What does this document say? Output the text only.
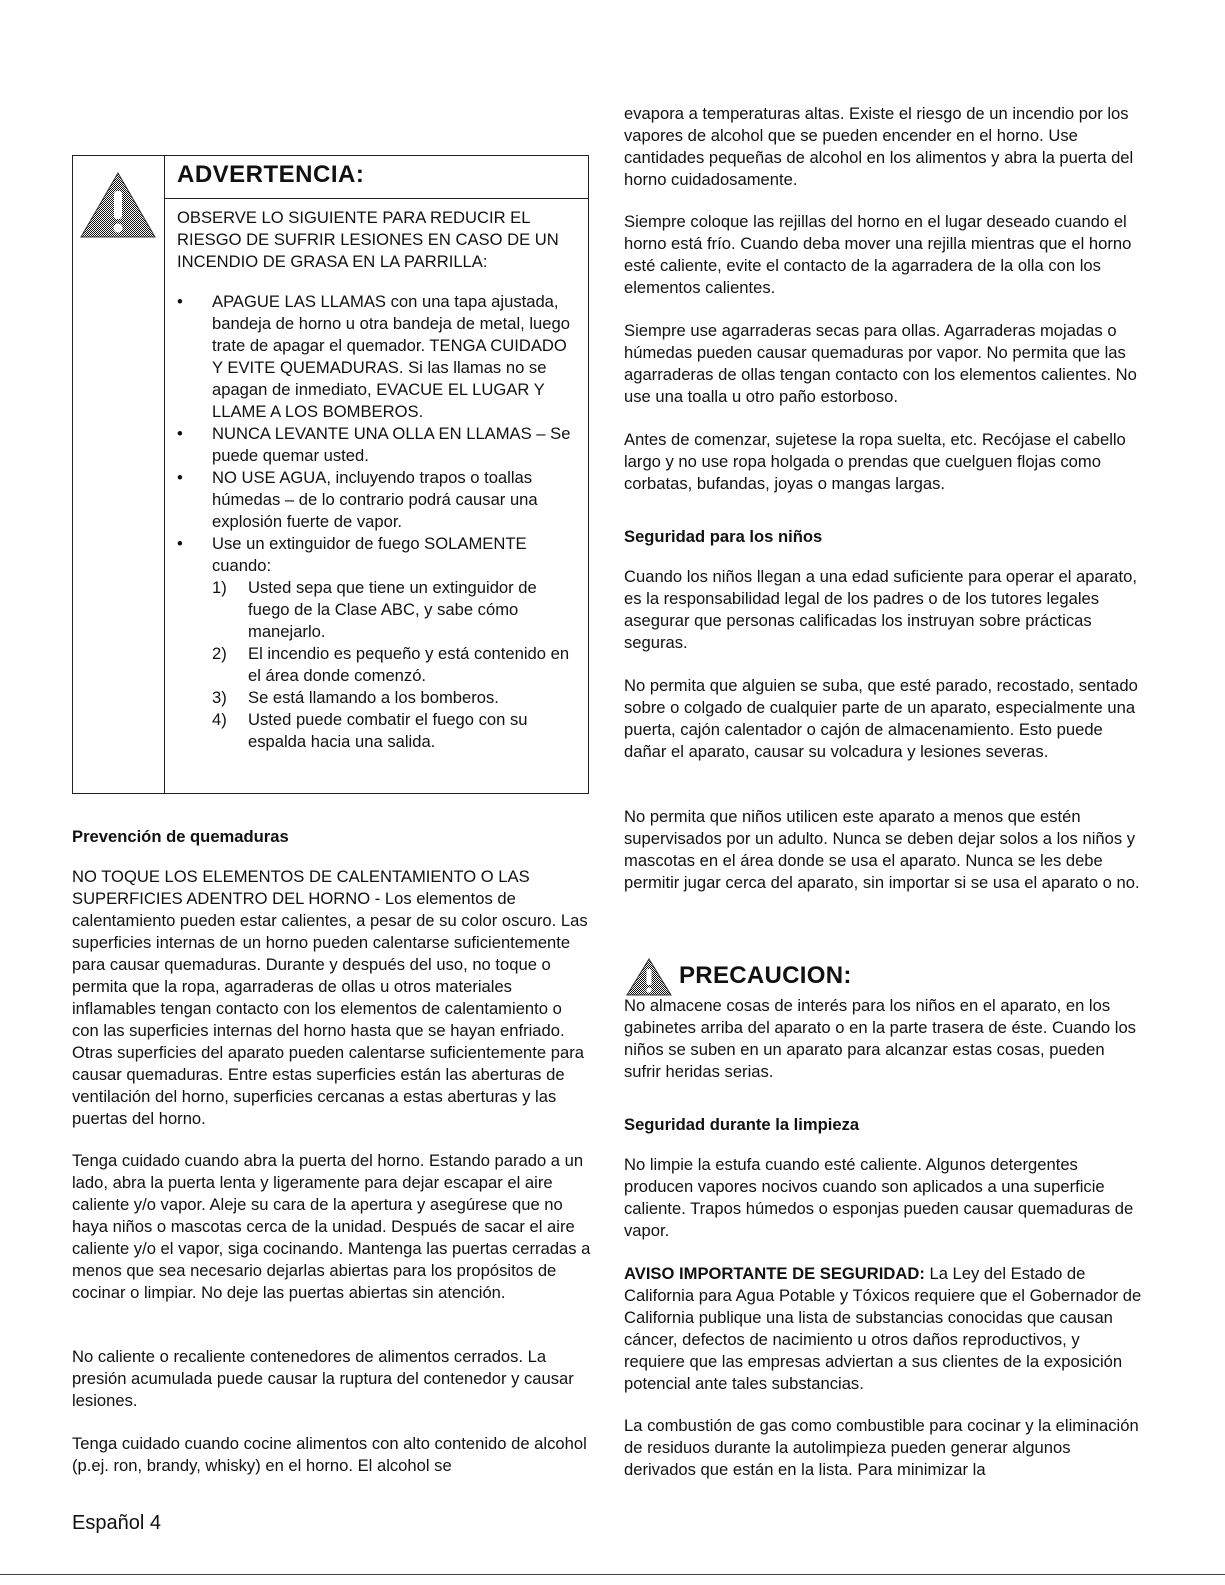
ADVERTENCIA:

OBSERVE LO SIGUIENTE PARA REDUCIR EL RIESGO DE SUFRIR LESIONES EN CASO DE UN INCENDIO DE GRASA EN LA PARRILLA:

• APAGUE LAS LLAMAS con una tapa ajustada, bandeja de horno u otra bandeja de metal, luego trate de apagar el quemador. TENGA CUIDADO Y EVITE QUEMADURAS. Si las llamas no se apagan de inmediato, EVACUE EL LUGAR Y LLAME A LOS BOMBEROS.
• NUNCA LEVANTE UNA OLLA EN LLAMAS – Se puede quemar usted.
• NO USE AGUA, incluyendo trapos o toallas húmedas – de lo contrario podrá causar una explosión fuerte de vapor.
• Use un extinguidor de fuego SOLAMENTE cuando:
1) Usted sepa que tiene un extinguidor de fuego de la Clase ABC, y sabe cómo manejarlo.
2) El incendio es pequeño y está contenido en el área donde comenzó.
3) Se está llamando a los bomberos.
4) Usted puede combatir el fuego con su espalda hacia una salida.
Prevención de quemaduras

NO TOQUE LOS ELEMENTOS DE CALENTAMIENTO O LAS SUPERFICIES ADENTRO DEL HORNO - Los elementos de calentamiento pueden estar calientes, a pesar de su color oscuro. Las superficies internas de un horno pueden calentarse suficientemente para causar quemaduras. Durante y después del uso, no toque o permita que la ropa, agarraderas de ollas u otros materiales inflamables tengan contacto con los elementos de calentamiento o con las superficies internas del horno hasta que se hayan enfriado. Otras superficies del aparato pueden calentarse suficientemente para causar quemaduras. Entre estas superficies están las aberturas de ventilación del horno, superficies cercanas a estas aberturas y las puertas del horno.

Tenga cuidado cuando abra la puerta del horno. Estando parado a un lado, abra la puerta lenta y ligeramente para dejar escapar el aire caliente y/o vapor. Aleje su cara de la apertura y asegúrese que no haya niños o mascotas cerca de la unidad. Después de sacar el aire caliente y/o el vapor, siga cocinando. Mantenga las puertas cerradas a menos que sea necesario dejarlas abiertas para los propósitos de cocinar o limpiar. No deje las puertas abiertas sin atención.

No caliente o recaliente contenedores de alimentos cerrados. La presión acumulada puede causar la ruptura del contenedor y causar lesiones.

Tenga cuidado cuando cocine alimentos con alto contenido de alcohol (p.ej. ron, brandy, whisky) en el horno. El alcohol se

evapora a temperaturas altas. Existe el riesgo de un incendio por los vapores de alcohol que se pueden encender en el horno. Use cantidades pequeñas de alcohol en los alimentos y abra la puerta del horno cuidadosamente.

Siempre coloque las rejillas del horno en el lugar deseado cuando el horno está frío. Cuando deba mover una rejilla mientras que el horno esté caliente, evite el contacto de la agarradera de la olla con los elementos calientes.

Siempre use agarraderas secas para ollas. Agarraderas mojadas o húmedas pueden causar quemaduras por vapor. No permita que las agarraderas de ollas tengan contacto con los elementos calientes. No use una toalla u otro paño estorboso.

Antes de comenzar, sujetese la ropa suelta, etc. Recójase el cabello largo y no use ropa holgada o prendas que cuelguen flojas como corbatas, bufandas, joyas o mangas largas.

Seguridad para los niños

Cuando los niños llegan a una edad suficiente para operar el aparato, es la responsabilidad legal de los padres o de los tutores legales asegurar que personas calificadas los instruyan sobre prácticas seguras.

No permita que alguien se suba, que esté parado, recostado, sentado sobre o colgado de cualquier parte de un aparato, especialmente una puerta, cajón calentador o cajón de almacenamiento. Esto puede dañar el aparato, causar su volcadura y lesiones severas.

No permita que niños utilicen este aparato a menos que estén supervisados por un adulto. Nunca se deben dejar solos a los niños y mascotas en el área donde se usa el aparato. Nunca se les debe permitir jugar cerca del aparato, sin importar si se usa el aparato o no.

PRECAUCION:

No almacene cosas de interés para los niños en el aparato, en los gabinetes arriba del aparato o en la parte trasera de éste. Cuando los niños se suben en un aparato para alcanzar estas cosas, pueden sufrir heridas serias.

Seguridad durante la limpieza

No limpie la estufa cuando esté caliente. Algunos detergentes producen vapores nocivos cuando son aplicados a una superficie caliente. Trapos húmedos o esponjas pueden causar quemaduras de vapor.

AVISO IMPORTANTE DE SEGURIDAD: La Ley del Estado de California para Agua Potable y Tóxicos requiere que el Gobernador de California publique una lista de substancias conocidas que causan cáncer, defectos de nacimiento u otros daños reproductivos, y requiere que las empresas adviertan a sus clientes de la exposición potencial ante tales substancias.

La combustión de gas como combustible para cocinar y la eliminación de residuos durante la autolimpieza pueden generar algunos derivados que están en la lista. Para minimizar la

Español 4
